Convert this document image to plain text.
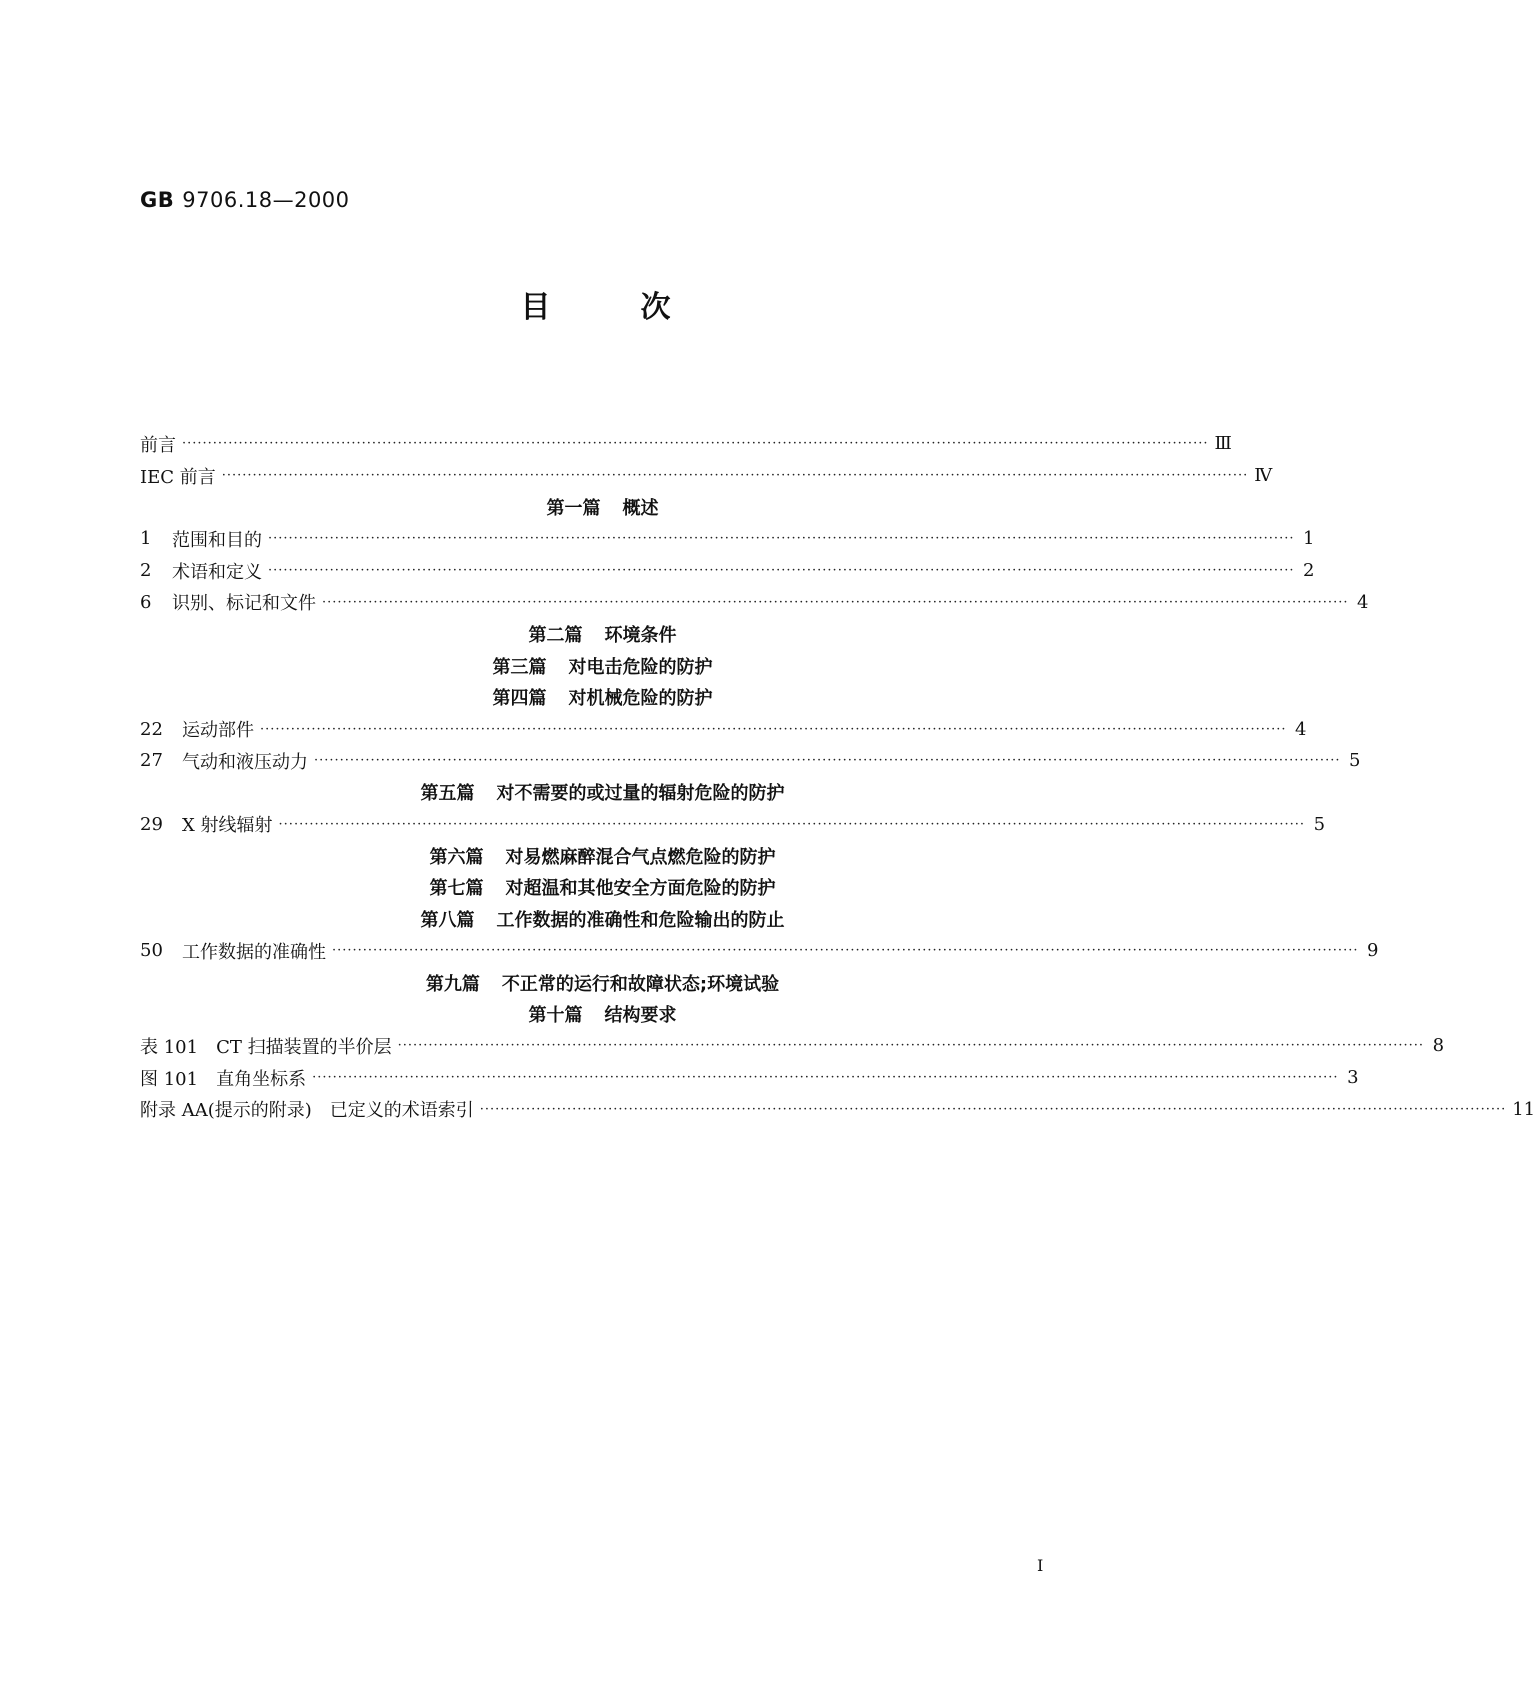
GB 9706.18—2000
目次
前言 ········································································································································································································ Ⅲ
IEC 前言 ········································································································································································································ Ⅳ
第一篇 概述
1	范围和目的 ········································································································································································································ 1
2	术语和定义 ········································································································································································································ 2
6	识别、标记和文件 ········································································································································································································ 4
第二篇 环境条件
第三篇 对电击危险的防护
第四篇 对机械危险的防护
22	运动部件 ········································································································································································································ 4
27	气动和液压动力 ········································································································································································································ 5
第五篇 对不需要的或过量的辐射危险的防护
29	X 射线辐射 ········································································································································································································ 5
第六篇 对易燃麻醉混合气点燃危险的防护
第七篇 对超温和其他安全方面危险的防护
第八篇 工作数据的准确性和危险输出的防止
50	工作数据的准确性 ········································································································································································································ 9
第九篇 不正常的运行和故障状态;环境试验
第十篇 结构要求
表 101　CT 扫描装置的半价层 ········································································································································································································ 8
图 101　直角坐标系 ········································································································································································································ 3
附录 AA(提示的附录)　已定义的术语索引 ········································································································································································································ 11
Ⅰ
